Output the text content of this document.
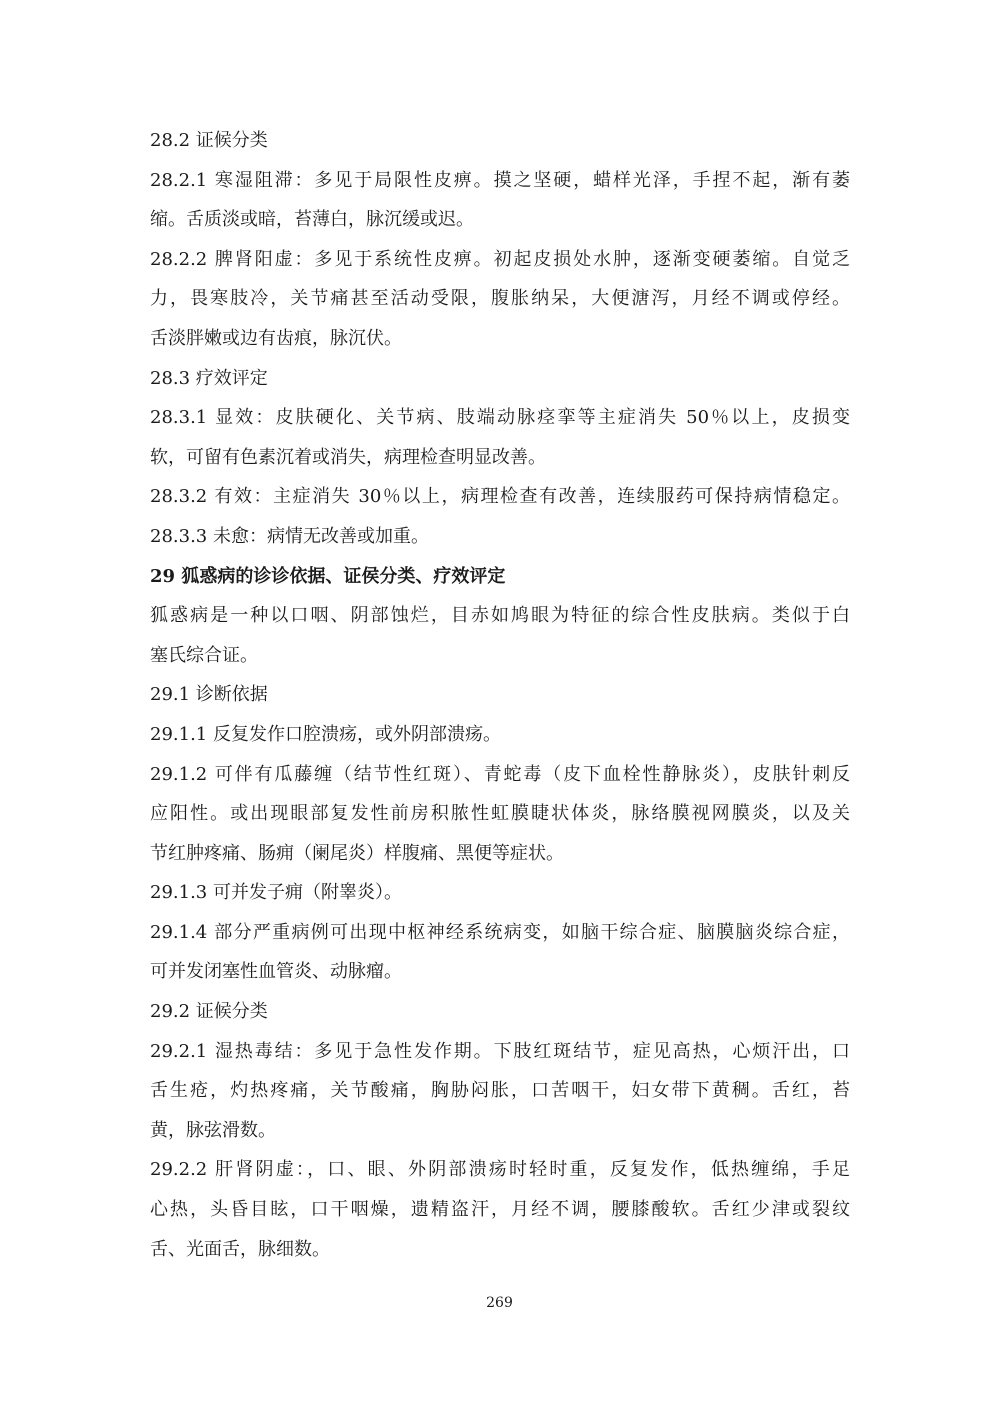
28.2 证候分类
28.2.1 寒湿阻滞：多见于局限性皮痹。摸之坚硬，蜡样光泽，手捏不起，渐有萎
缩。舌质淡或暗，苔薄白，脉沉缓或迟。
28.2.2 脾肾阳虚：多见于系统性皮痹。初起皮损处水肿，逐渐变硬萎缩。自觉乏
力，畏寒肢冷，关节痛甚至活动受限，腹胀纳呆，大便溏泻，月经不调或停经。
舌淡胖嫩或边有齿痕，脉沉伏。
28.3 疗效评定
28.3.1 显效：皮肤硬化、关节病、肢端动脉痉挛等主症消失 50％以上，皮损变
软，可留有色素沉着或消失，病理检查明显改善。
28.3.2 有效：主症消失 30％以上，病理检查有改善，连续服药可保持病情稳定。
28.3.3 未愈：病情无改善或加重。
29 狐惑病的诊诊依据、证侯分类、疗效评定
狐惑病是一种以口咽、阴部蚀烂，目赤如鸠眼为特征的综合性皮肤病。类似于白
塞氏综合证。
29.1 诊断依据
29.1.1 反复发作口腔溃疡，或外阴部溃疡。
29.1.2 可伴有瓜藤缠（结节性红斑）、青蛇毒（皮下血栓性静脉炎），皮肤针刺反
应阳性。或出现眼部复发性前房积脓性虹膜睫状体炎，脉络膜视网膜炎，以及关
节红肿疼痛、肠痈（阑尾炎）样腹痛、黑便等症状。
29.1.3 可并发子痈（附睾炎）。
29.1.4 部分严重病例可出现中枢神经系统病变，如脑干综合症、脑膜脑炎综合症，
可并发闭塞性血管炎、动脉瘤。
29.2 证候分类
29.2.1 湿热毒结：多见于急性发作期。下肢红斑结节，症见高热，心烦汗出，口
舌生疮，灼热疼痛，关节酸痛，胸胁闷胀，口苦咽干，妇女带下黄稠。舌红，苔
黄，脉弦滑数。
29.2.2 肝肾阴虚：，口、眼、外阴部溃疡时轻时重，反复发作，低热缠绵，手足
心热，头昏目眩，口干咽燥，遗精盗汗，月经不调，腰膝酸软。舌红少津或裂纹
舌、光面舌，脉细数。
269
